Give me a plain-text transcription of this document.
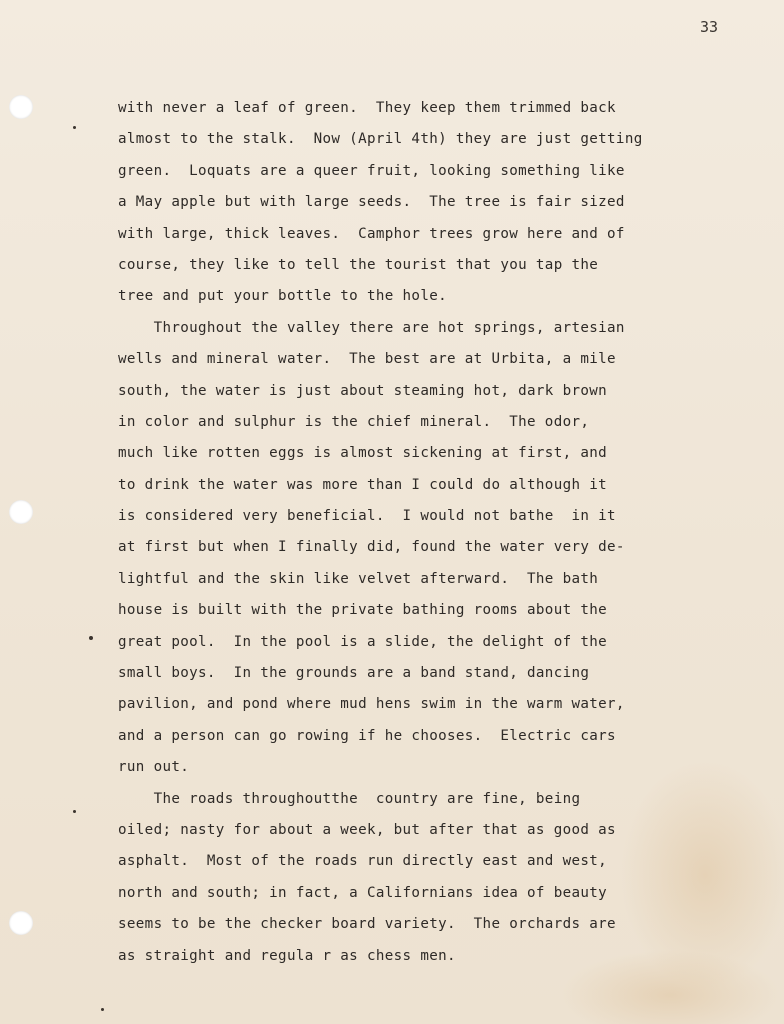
33
with never a leaf of green.  They keep them trimmed back
almost to the stalk.  Now (April 4th) they are just getting
green.  Loquats are a queer fruit, looking something like
a May apple but with large seeds.  The tree is fair sized
with large, thick leaves.  Camphor trees grow here and of
course, they like to tell the tourist that you tap the
tree and put your bottle to the hole.
Throughout the valley there are hot springs, artesian
wells and mineral water.  The best are at Urbita, a mile
south, the water is just about steaming hot, dark brown
in color and sulphur is the chief mineral.  The odor,
much like rotten eggs is almost sickening at first, and
to drink the water was more than I could do although it
is considered very beneficial.  I would not bathe  in it
at first but when I finally did, found the water very de-
lightful and the skin like velvet afterward.  The bath
house is built with the private bathing rooms about the
great pool.  In the pool is a slide, the delight of the
small boys.  In the grounds are a band stand, dancing
pavilion, and pond where mud hens swim in the warm water,
and a person can go rowing if he chooses.  Electric cars
run out.
The roads throughoutthe  country are fine, being
oiled; nasty for about a week, but after that as good as
asphalt.  Most of the roads run directly east and west,
north and south; in fact, a Californians idea of beauty
seems to be the checker board variety.  The orchards are
as straight and regula r as chess men.
